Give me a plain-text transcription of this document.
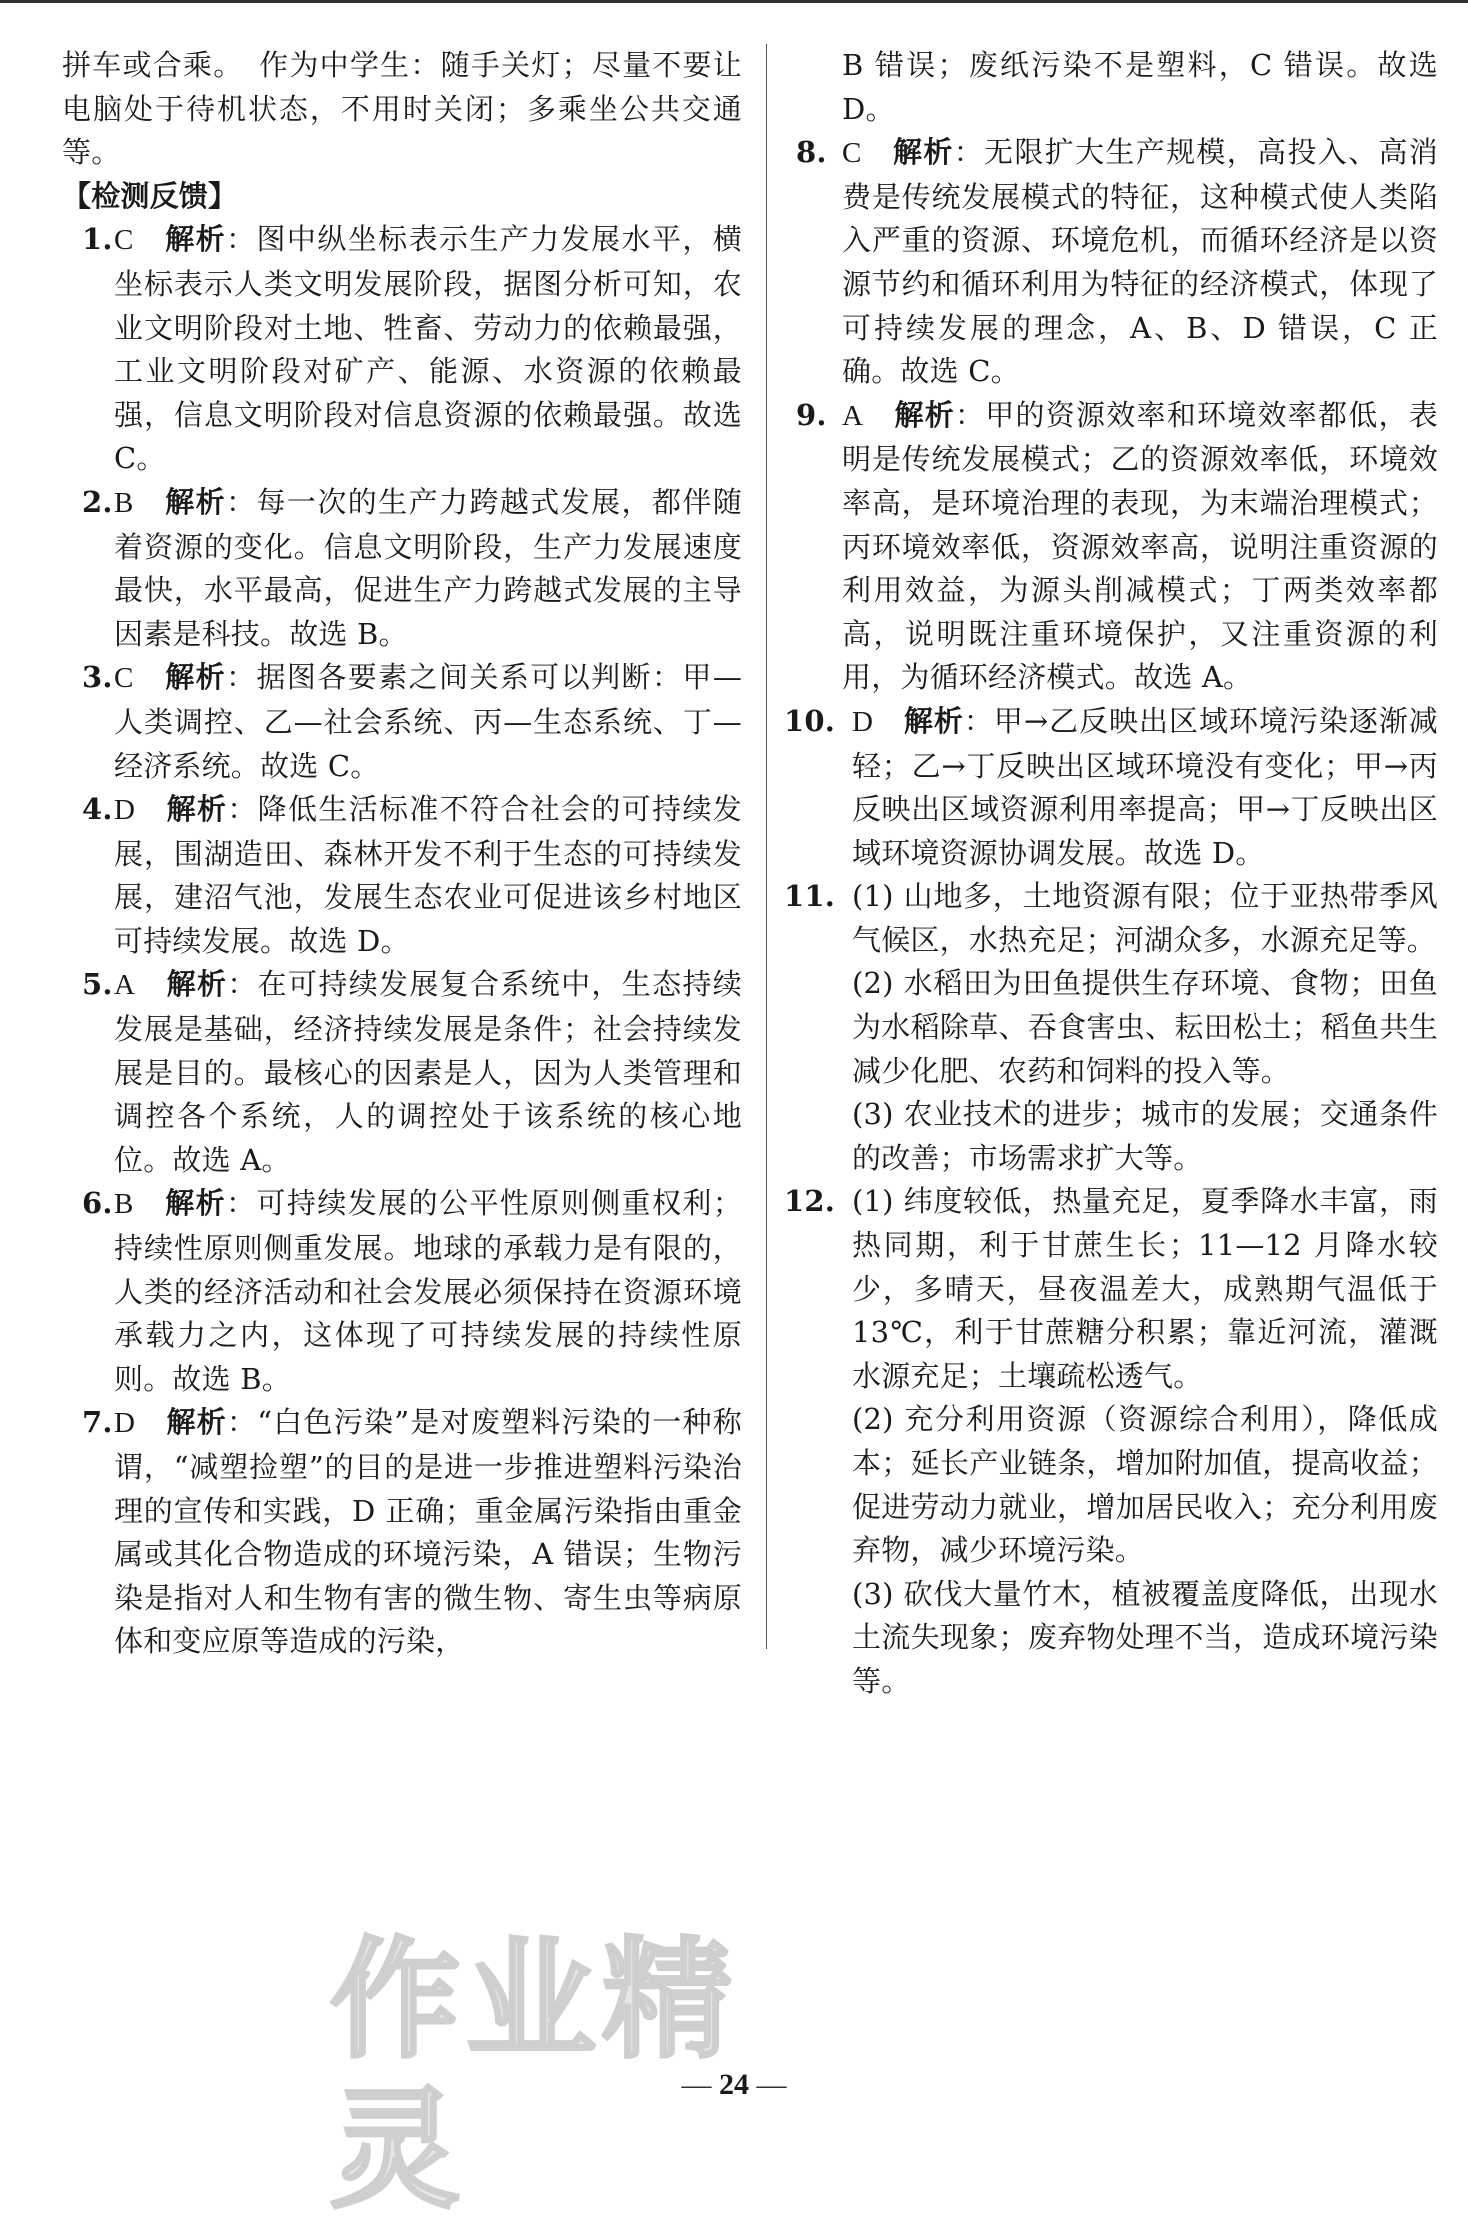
拼车或合乘。　作为中学生：随手关灯；尽量不要让电脑处于待机状态，不用时关闭；多乘坐公共交通等。

【检测反馈】

1. C　 解析：图中纵坐标表示生产力发展水平，横坐标表示人类文明发展阶段，据图分析可知，农业文明阶段对土地、牲畜、劳动力的依赖最强，工业文明阶段对矿产、能源、水资源的依赖最强，信息文明阶段对信息资源的依赖最强。故选 C。
2. B　 解析：每一次的生产力跨越式发展，都伴随着资源的变化。信息文明阶段，生产力发展速度最快，水平最高，促进生产力跨越式发展的主导因素是科技。故选 B。
3. C　 解析：据图各要素之间关系可以判断：甲—人类调控、乙—社会系统、丙—生态系统、丁—经济系统。故选 C。
4. D　 解析：降低生活标准不符合社会的可持续发展，围湖造田、森林开发不利于生态的可持续发展，建沼气池，发展生态农业可促进该乡村地区可持续发展。故选 D。
5. A　 解析：在可持续发展复合系统中，生态持续发展是基础，经济持续发展是条件；社会持续发展是目的。最核心的因素是人，因为人类管理和调控各个系统，人的调控处于该系统的核心地位。故选 A。
6. B　 解析：可持续发展的公平性原则侧重权利；持续性原则侧重发展。地球的承载力是有限的，人类的经济活动和社会发展必须保持在资源环境承载力之内，这体现了可持续发展的持续性原则。故选 B。
7. D　 解析：“白色污染”是对废塑料污染的一种称谓，“减塑捡塑”的目的是进一步推进塑料污染治理的宣传和实践，D 正确；重金属污染指由重金属或其化合物造成的环境污染，A 错误；生物污染是指对人和生物有害的微生物、寄生虫等病原体和变应原等造成的污染，

B 错误；废纸污染不是塑料，C 错误。故选 D。

8. C　 解析：无限扩大生产规模，高投入、高消费是传统发展模式的特征，这种模式使人类陷入严重的资源、环境危机，而循环经济是以资源节约和循环利用为特征的经济模式，体现了可持续发展的理念，A、B、D 错误，C 正确。故选 C。
9. A　 解析：甲的资源效率和环境效率都低，表明是传统发展模式；乙的资源效率低，环境效率高，是环境治理的表现，为末端治理模式；丙环境效率低，资源效率高，说明注重资源的利用效益，为源头削减模式；丁两类效率都高，说明既注重环境保护，又注重资源的利用，为循环经济模式。故选 A。
10. D　 解析：甲→乙反映出区域环境污染逐渐减轻；乙→丁反映出区域环境没有变化；甲→丙反映出区域资源利用率提高；甲→丁反映出区域环境资源协调发展。故选 D。
11. (1) 山地多，土地资源有限；位于亚热带季风气候区，水热充足；河湖众多，水源充足等。

(2) 水稻田为田鱼提供生存环境、食物；田鱼为水稻除草、吞食害虫、耘田松土；稻鱼共生减少化肥、农药和饲料的投入等。

(3) 农业技术的进步；城市的发展；交通条件的改善；市场需求扩大等。

12. (1) 纬度较低，热量充足，夏季降水丰富，雨热同期，利于甘蔗生长；11—12 月降水较少，多晴天，昼夜温差大，成熟期气温低于 13℃，利于甘蔗糖分积累；靠近河流，灌溉水源充足；土壤疏松透气。

(2) 充分利用资源（资源综合利用），降低成本；延长产业链条，增加附加值，提高收益；促进劳动力就业，增加居民收入；充分利用废弃物，减少环境污染。

(3) 砍伐大量竹木，植被覆盖度降低，出现水土流失现象；废弃物处理不当，造成环境污染等。

作业精灵	— 24 —
